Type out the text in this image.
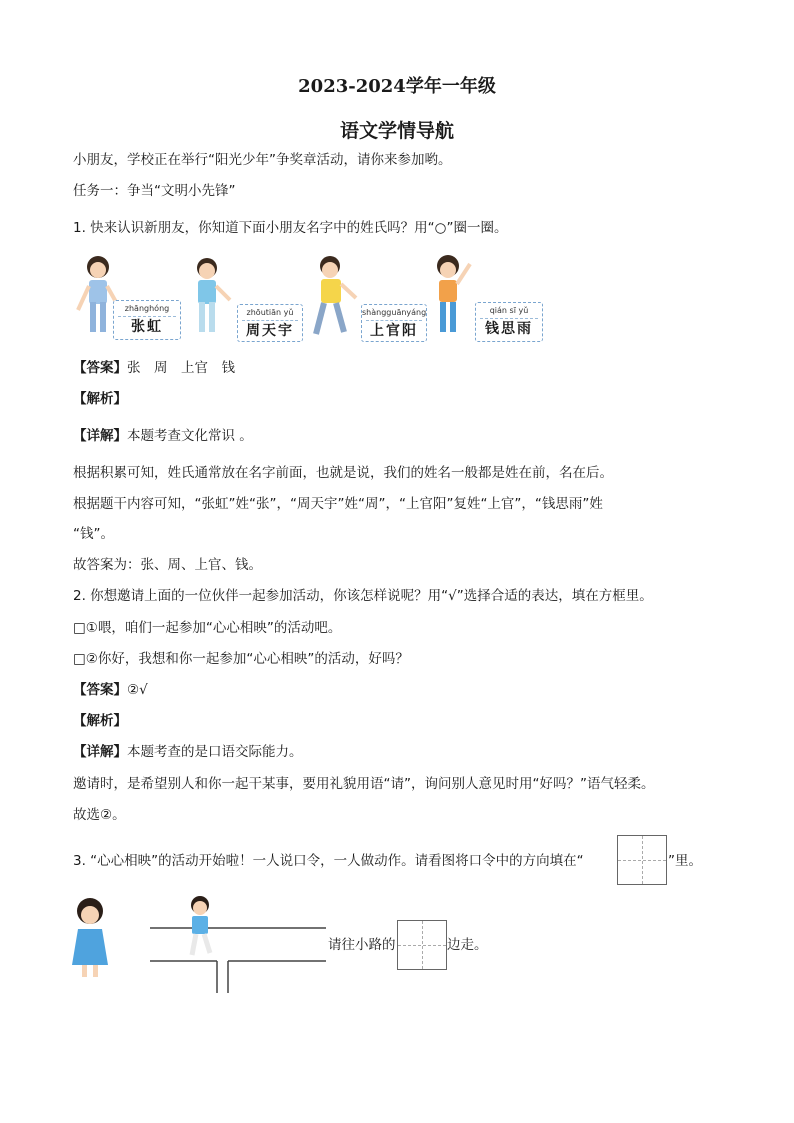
2023-2024学年一年级
语文学情导航
小朋友，学校正在举行“阳光少年”争奖章活动，请你来参加哟。
任务一：争当“文明小先锋”
1. 快来认识新朋友，你知道下面小朋友名字中的姓氏吗？用“○”圈一圈。
zhānghóng
张虹
zhōutiān yǔ
周天宇
shàngguānyáng
上官阳
qián sī yǔ
钱思雨
【答案】张　周　上官　钱
【解析】
【详解】本题考查文化常识 。
根据积累可知，姓氏通常放在名字前面，也就是说，我们的姓名一般都是姓在前，名在后。
根据题干内容可知，“张虹”姓“张”，“周天宇”姓“周”，“上官阳”复姓“上官”，“钱思雨”姓
“钱”。
故答案为：张、周、上官、钱。
2. 你想邀请上面的一位伙伴一起参加活动，你该怎样说呢？用“√”选择合适的表达，填在方框里。
□①喂，咱们一起参加“心心相映”的活动吧。
□②你好，我想和你一起参加“心心相映”的活动，好吗？
【答案】②√
【解析】
【详解】本题考查的是口语交际能力。
邀请时，是希望别人和你一起干某事，要用礼貌用语“请”，询问别人意见时用“好吗？”语气轻柔。
故选②。
3. “心心相映”的活动开始啦！一人说口令，一人做动作。请看图将口令中的方向填在“	”里。
请往小路的	边走。
